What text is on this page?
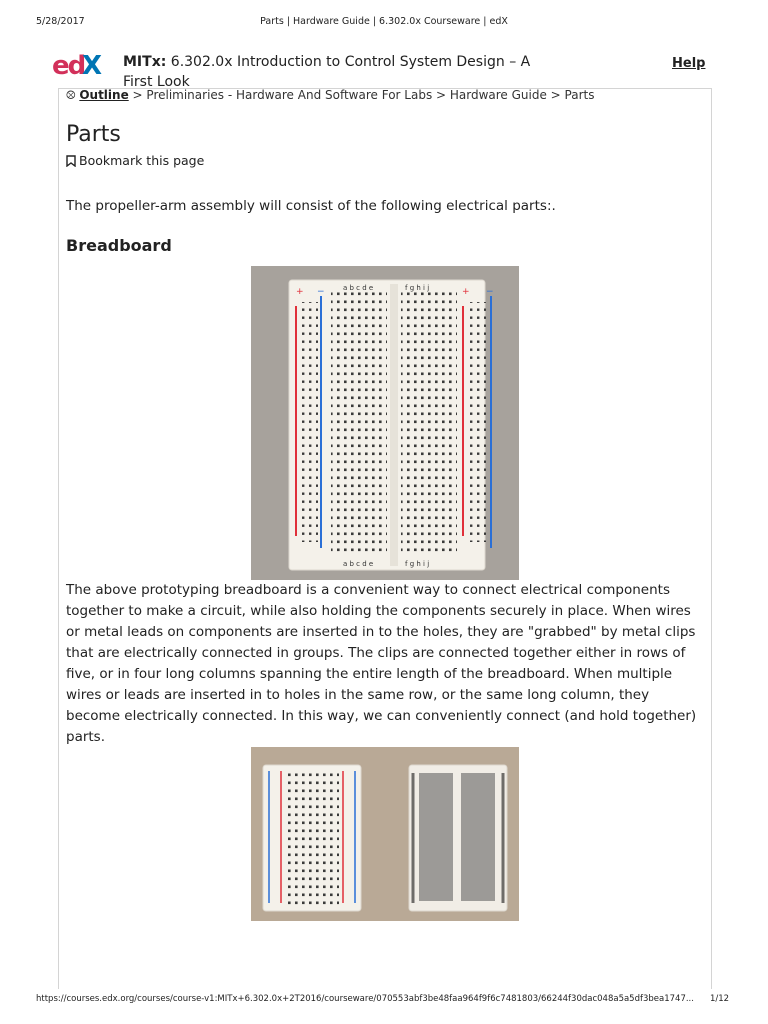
5/28/2017	Parts | Hardware Guide | 6.302.0x Courseware | edX
ed
X MITx: 6.302.0x Introduction to Control System Design – A First Look
Help
⮾ Outline > Preliminaries - Hardware And Software For Labs > Hardware Guide > Parts
Parts
Bookmark this page
The propeller-arm assembly will consist of the following electrical parts:.
Breadboard
a b c d e	f g h i j
a b c d e	f g h i j
+ −	+ −
The above prototyping breadboard is a convenient way to connect electrical components together to make a circuit, while also holding the components securely in place. When wires or metal leads on components are inserted in to the holes, they are "grabbed" by metal clips that are electrically connected in groups. The clips are connected together either in rows of five, or in four long columns spanning the entire length of the breadboard. When multiple wires or leads are inserted in to holes in the same row, or the same long column, they become electrically connected. In this way, we can conveniently connect (and hold together) parts.
https://courses.edx.org/courses/course-v1:MITx+6.302.0x+2T2016/courseware/070553abf3be48faa964f9f6c7481803/66244f30dac048a5a5df3bea1747... 1/12
